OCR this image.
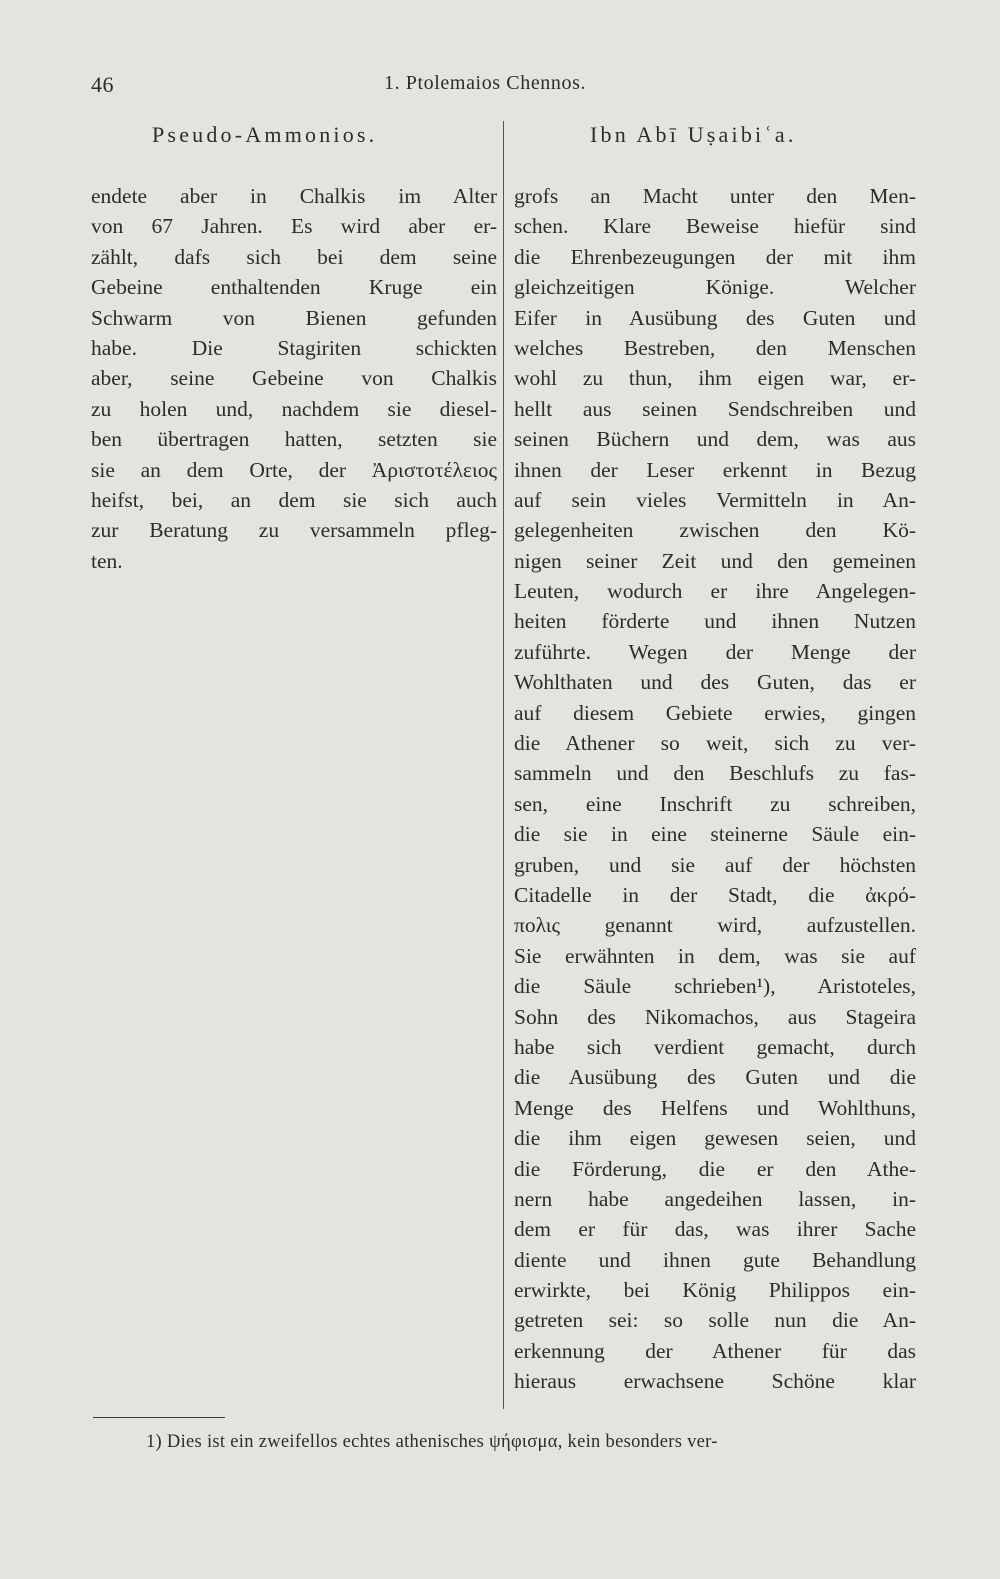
46	1. Ptolemaios Chennos.
Pseudo-Ammonios.	Ibn Abī Uṣaibiʿa.

endete aber in Chalkis im Alter
von 67 Jahren. Es wird aber er-
zählt, dafs sich bei dem seine
Gebeine enthaltenden Kruge ein
Schwarm von Bienen gefunden
habe. Die Stagiriten schickten
aber, seine Gebeine von Chalkis
zu holen und, nachdem sie diesel-
ben übertragen hatten, setzten sie
sie an dem Orte, der Ἀριστοτέλειος
heifst, bei, an dem sie sich auch
zur Beratung zu versammeln pfleg-
ten.
grofs an Macht unter den Men-
schen. Klare Beweise hiefür sind
die Ehrenbezeugungen der mit ihm
gleichzeitigen Könige. Welcher
Eifer in Ausübung des Guten und
welches Bestreben, den Menschen
wohl zu thun, ihm eigen war, er-
hellt aus seinen Sendschreiben und
seinen Büchern und dem, was aus
ihnen der Leser erkennt in Bezug
auf sein vieles Vermitteln in An-
gelegenheiten zwischen den Kö-
nigen seiner Zeit und den gemeinen
Leuten, wodurch er ihre Angelegen-
heiten förderte und ihnen Nutzen
zuführte. Wegen der Menge der
Wohlthaten und des Guten, das er
auf diesem Gebiete erwies, gingen
die Athener so weit, sich zu ver-
sammeln und den Beschlufs zu fas-
sen, eine Inschrift zu schreiben,
die sie in eine steinerne Säule ein-
gruben, und sie auf der höchsten
Citadelle in der Stadt, die ἀκρό-
πολις genannt wird, aufzustellen.
Sie erwähnten in dem, was sie auf
die Säule schrieben¹), Aristoteles,
Sohn des Nikomachos, aus Stageira
habe sich verdient gemacht, durch
die Ausübung des Guten und die
Menge des Helfens und Wohlthuns,
die ihm eigen gewesen seien, und
die Förderung, die er den Athe-
nern habe angedeihen lassen, in-
dem er für das, was ihrer Sache
diente und ihnen gute Behandlung
erwirkte, bei König Philippos ein-
getreten sei: so solle nun die An-
erkennung der Athener für das
hieraus erwachsene Schöne klar
1) Dies ist ein zweifellos echtes athenisches ψήφισμα, kein besonders ver-
